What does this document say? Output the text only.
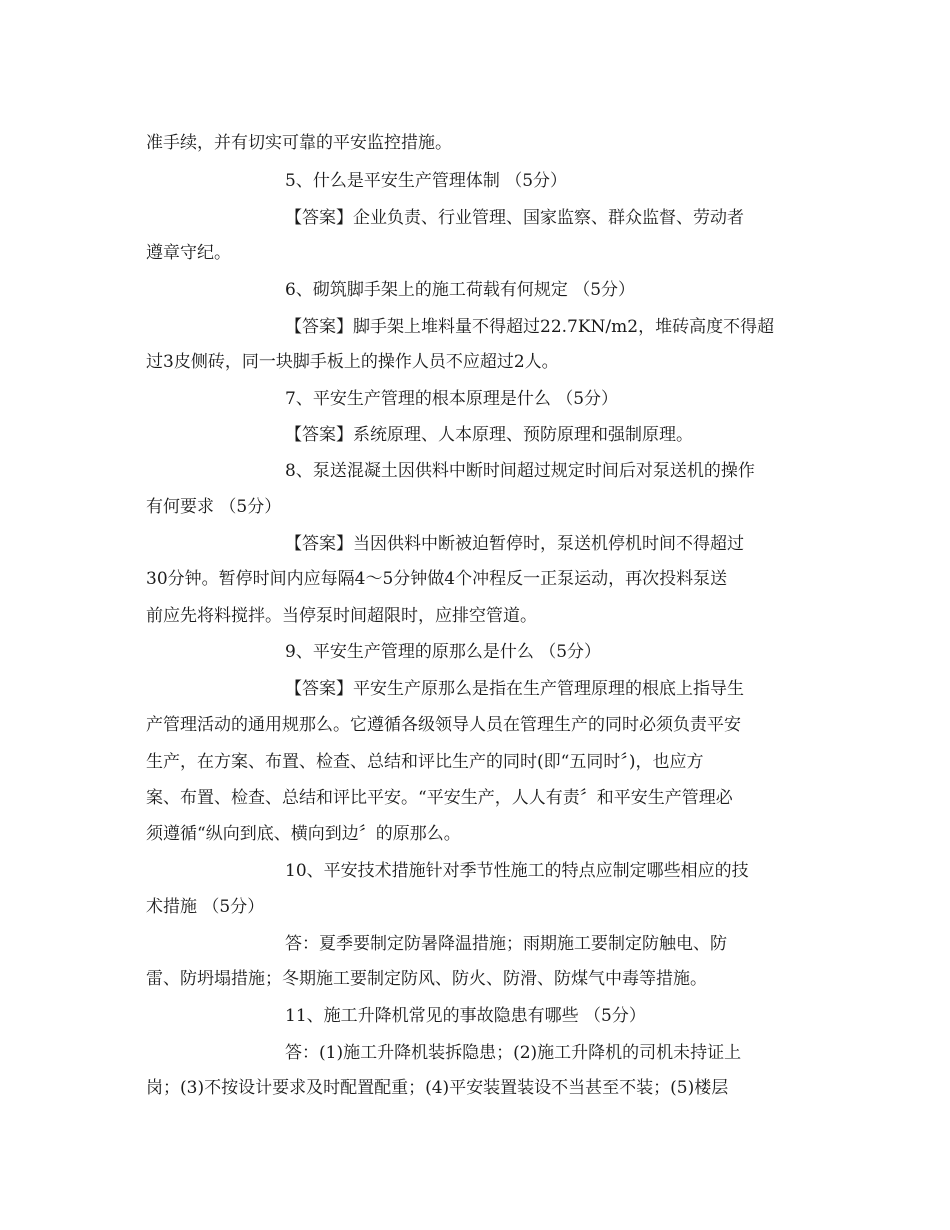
准手续，并有切实可靠的平安监控措施。
5、什么是平安生产管理体制 （5分）
【答案】企业负责、行业管理、国家监察、群众监督、劳动者
遵章守纪。
6、砌筑脚手架上的施工荷载有何规定 （5分）
【答案】脚手架上堆料量不得超过22.7KN/m2，堆砖高度不得超
过3皮侧砖，同一块脚手板上的操作人员不应超过2人。
7、平安生产管理的根本原理是什么 （5分）
【答案】系统原理、人本原理、预防原理和强制原理。
8、泵送混凝土因供料中断时间超过规定时间后对泵送机的操作
有何要求 （5分）
【答案】当因供料中断被迫暂停时，泵送机停机时间不得超过
30分钟。暂停时间内应每隔4～5分钟做4个冲程反一正泵运动，再次投料泵送
前应先将料搅拌。当停泵时间超限时，应排空管道。
9、平安生产管理的原那么是什么 （5分）
【答案】平安生产原那么是指在生产管理原理的根底上指导生
产管理活动的通用规那么。它遵循各级领导人员在管理生产的同时必须负责平安
生产，在方案、布置、检查、总结和评比生产的同时(即“五同时〞)，也应方
案、布置、检查、总结和评比平安。“平安生产，人人有责〞和平安生产管理必
须遵循“纵向到底、横向到边〞的原那么。
10、平安技术措施针对季节性施工的特点应制定哪些相应的技
术措施 （5分）
答：夏季要制定防暑降温措施；雨期施工要制定防触电、防
雷、防坍塌措施；冬期施工要制定防风、防火、防滑、防煤气中毒等措施。
11、施工升降机常见的事故隐患有哪些 （5分）
答：(1)施工升降机装拆隐患；(2)施工升降机的司机未持证上
岗；(3)不按设计要求及时配置配重；(4)平安装置装设不当甚至不装；(5)楼层
